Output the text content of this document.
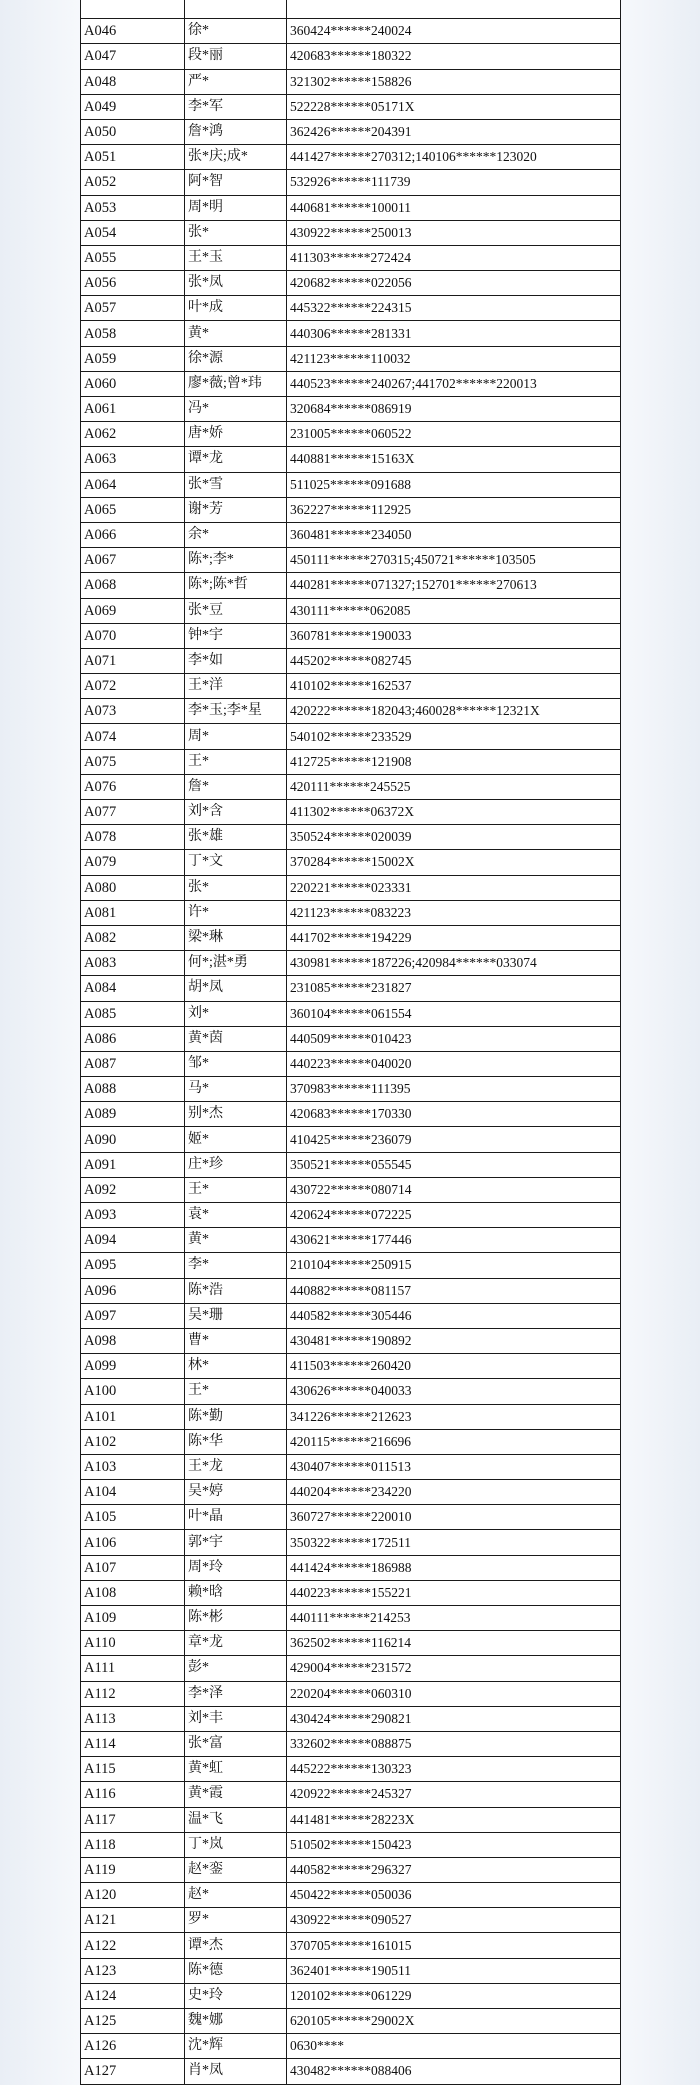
A046	徐*	360424******240024
A047	段*丽	420683******180322
A048	严*	321302******158826
A049	李*军	522228******05171X
A050	詹*鸿	362426******204391
A051	张*庆;成*	441427******270312;140106******123020
A052	阿*智	532926******111739
A053	周*明	440681******100011
A054	张*	430922******250013
A055	王*玉	411303******272424
A056	张*凤	420682******022056
A057	叶*成	445322******224315
A058	黄*	440306******281331
A059	徐*源	421123******110032
A060	廖*薇;曾*玮	440523******240267;441702******220013
A061	冯*	320684******086919
A062	唐*娇	231005******060522
A063	谭*龙	440881******15163X
A064	张*雪	511025******091688
A065	谢*芳	362227******112925
A066	余*	360481******234050
A067	陈*;李*	450111******270315;450721******103505
A068	陈*;陈*哲	440281******071327;152701******270613
A069	张*豆	430111******062085
A070	钟*宇	360781******190033
A071	李*如	445202******082745
A072	王*洋	410102******162537
A073	李*玉;李*星	420222******182043;460028******12321X
A074	周*	540102******233529
A075	王*	412725******121908
A076	詹*	420111******245525
A077	刘*含	411302******06372X
A078	张*雄	350524******020039
A079	丁*文	370284******15002X
A080	张*	220221******023331
A081	许*	421123******083223
A082	梁*琳	441702******194229
A083	何*;湛*勇	430981******187226;420984******033074
A084	胡*凤	231085******231827
A085	刘*	360104******061554
A086	黄*茵	440509******010423
A087	邹*	440223******040020
A088	马*	370983******111395
A089	别*杰	420683******170330
A090	姬*	410425******236079
A091	庄*珍	350521******055545
A092	王*	430722******080714
A093	袁*	420624******072225
A094	黄*	430621******177446
A095	李*	210104******250915
A096	陈*浩	440882******081157
A097	吴*珊	440582******305446
A098	曹*	430481******190892
A099	林*	411503******260420
A100	王*	430626******040033
A101	陈*勤	341226******212623
A102	陈*华	420115******216696
A103	王*龙	430407******011513
A104	吴*婷	440204******234220
A105	叶*晶	360727******220010
A106	郭*宇	350322******172511
A107	周*玲	441424******186988
A108	赖*晗	440223******155221
A109	陈*彬	440111******214253
A110	章*龙	362502******116214
A111	彭*	429004******231572
A112	李*泽	220204******060310
A113	刘*丰	430424******290821
A114	张*富	332602******088875
A115	黄*虹	445222******130323
A116	黄*霞	420922******245327
A117	温*飞	441481******28223X
A118	丁*岚	510502******150423
A119	赵*銮	440582******296327
A120	赵*	450422******050036
A121	罗*	430922******090527
A122	谭*杰	370705******161015
A123	陈*德	362401******190511
A124	史*玲	120102******061229
A125	魏*娜	620105******29002X
A126	沈*辉	0630****
A127	肖*凤	430482******088406
